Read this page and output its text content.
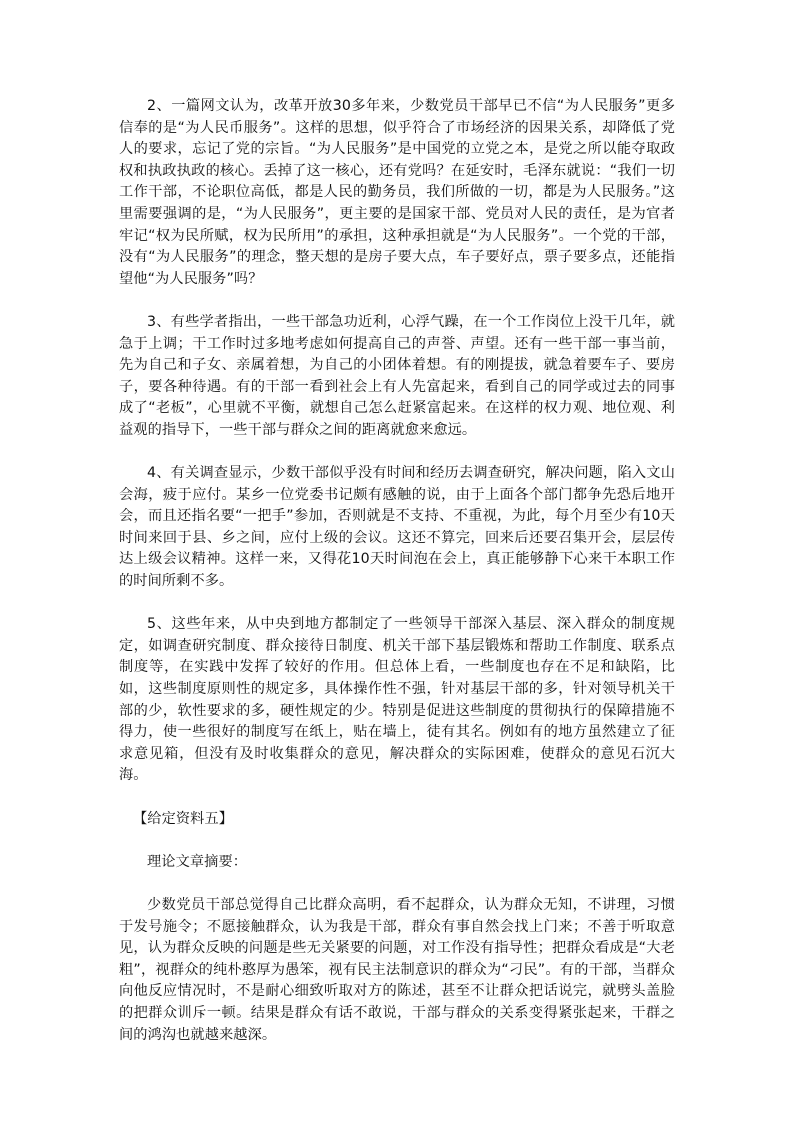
2、一篇网文认为，改革开放30多年来，少数党员干部早已不信“为人民服务”更多信奉的是“为人民币服务”。这样的思想，似乎符合了市场经济的因果关系，却降低了党人的要求，忘记了党的宗旨。“为人民服务”是中国党的立党之本，是党之所以能夺取政权和执政执政的核心。丢掉了这一核心，还有党吗？在延安时，毛泽东就说：“我们一切工作干部，不论职位高低，都是人民的勤务员，我们所做的一切，都是为人民服务。”这里需要强调的是，“为人民服务”，更主要的是国家干部、党员对人民的责任，是为官者牢记“权为民所赋，权为民所用”的承担，这种承担就是“为人民服务”。一个党的干部，没有“为人民服务”的理念，整天想的是房子要大点，车子要好点，票子要多点，还能指望他“为人民服务”吗？

3、有些学者指出，一些干部急功近利，心浮气躁，在一个工作岗位上没干几年，就急于上调；干工作时过多地考虑如何提高自己的声誉、声望。还有一些干部一事当前，先为自己和子女、亲属着想，为自己的小团体着想。有的刚提拔，就急着要车子、要房子，要各种待遇。有的干部一看到社会上有人先富起来，看到自己的同学或过去的同事成了“老板”，心里就不平衡，就想自己怎么赶紧富起来。在这样的权力观、地位观、利益观的指导下，一些干部与群众之间的距离就愈来愈远。

4、有关调查显示，少数干部似乎没有时间和经历去调查研究，解决问题，陷入文山会海，疲于应付。某乡一位党委书记颇有感触的说，由于上面各个部门都争先恐后地开会，而且还指名要“一把手”参加，否则就是不支持、不重视，为此，每个月至少有10天时间来回于县、乡之间，应付上级的会议。这还不算完，回来后还要召集开会，层层传达上级会议精神。这样一来，又得花10天时间泡在会上，真正能够静下心来干本职工作的时间所剩不多。

5、这些年来，从中央到地方都制定了一些领导干部深入基层、深入群众的制度规定，如调查研究制度、群众接待日制度、机关干部下基层锻炼和帮助工作制度、联系点制度等，在实践中发挥了较好的作用。但总体上看，一些制度也存在不足和缺陷，比如，这些制度原则性的规定多，具体操作性不强，针对基层干部的多，针对领导机关干部的少，软性要求的多，硬性规定的少。特别是促进这些制度的贯彻执行的保障措施不得力，使一些很好的制度写在纸上，贴在墙上，徒有其名。例如有的地方虽然建立了征求意见箱，但没有及时收集群众的意见，解决群众的实际困难，使群众的意见石沉大海。

【给定资料五】

理论文章摘要：

少数党员干部总觉得自己比群众高明，看不起群众，认为群众无知，不讲理，习惯于发号施令；不愿接触群众，认为我是干部，群众有事自然会找上门来；不善于听取意见，认为群众反映的问题是些无关紧要的问题，对工作没有指导性；把群众看成是“大老粗”，视群众的纯朴憨厚为愚笨，视有民主法制意识的群众为“刁民”。有的干部，当群众向他反应情况时，不是耐心细致听取对方的陈述，甚至不让群众把话说完，就劈头盖脸的把群众训斥一顿。结果是群众有话不敢说，干部与群众的关系变得紧张起来，干群之间的鸿沟也就越来越深。
